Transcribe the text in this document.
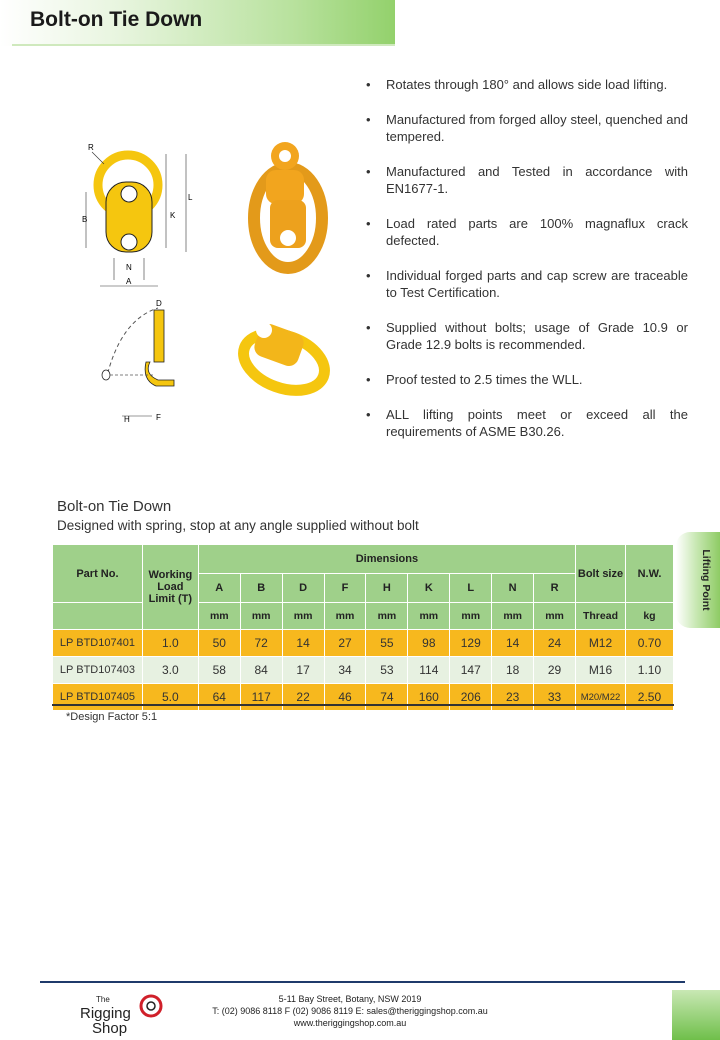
Bolt-on Tie Down
R
B	K
L
N
A
D
F
H
• Rotates through 180° and allows side load lifting.
• Manufactured from forged alloy steel, quenched and tempered.
• Manufactured and Tested in accordance with EN1677-1.
• Load rated parts are 100% magnaflux crack defected.
• Individual forged parts and cap screw are traceable to Test Certification.
• Supplied without bolts; usage of Grade 10.9 or Grade 12.9 bolts is recommended.
• Proof tested to 2.5 times the WLL.
• ALL lifting points meet or exceed all the requirements of ASME B30.26.
Bolt-on Tie Down
Designed with spring, stop at any angle supplied without bolt
Part No.	Working Load Limit (T)	Dimensions									Bolt size	N.W.
		A	B	D	F	H	K	L	N	R		
		mm	mm	mm	mm	mm	mm	mm	mm	mm	Thread	kg
LP BTD107401	1.0	50	72	14	27	55	98	129	14	24	M12	0.70
LP BTD107403	3.0	58	84	17	34	53	114	147	18	29	M16	1.10
LP BTD107405	5.0	64	117	22	46	74	160	206	23	33	M20/M22	2.50
*Design Factor 5:1
Lifting Point
The
Rigging
Shop
5-11 Bay Street, Botany, NSW 2019
T: (02) 9086 8118 F (02) 9086 8119 E: sales@theriggingshop.com.au
www.theriggingshop.com.au
